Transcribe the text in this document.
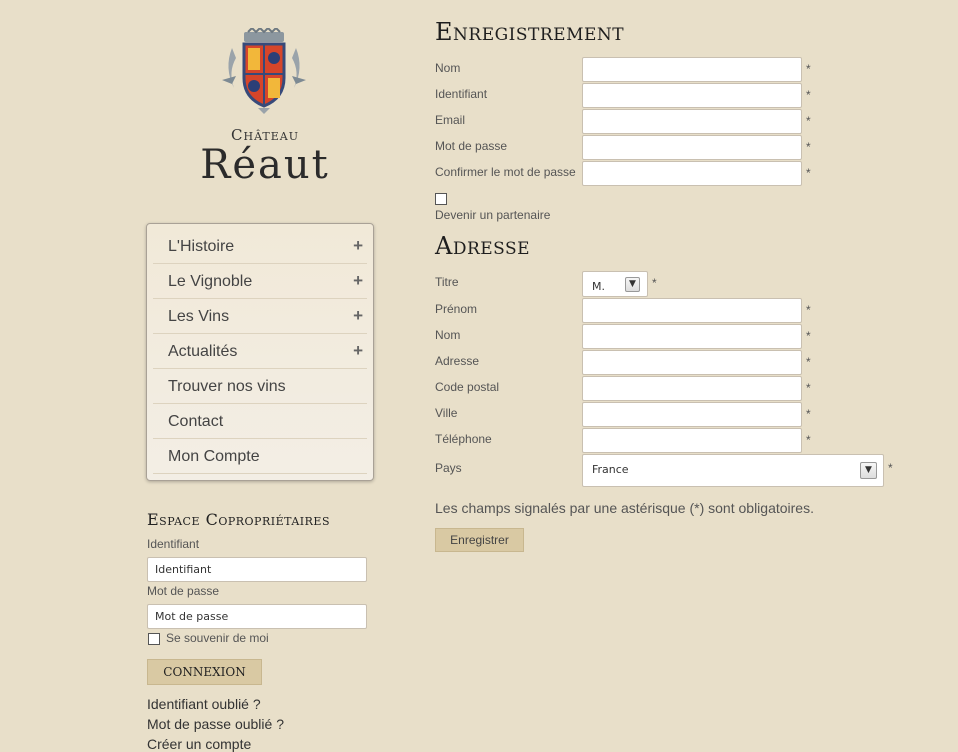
Château
Réaut
L'Histoire	+
Le Vignoble	+
Les Vins	+
Actualités	+
Trouver nos vins
Contact
Mon Compte
Espace Copropriétaires
Identifiant
Identifiant
Mot de passe
Mot de passe
Se souvenir de moi
CONNEXION
Identifiant oublié ?
Mot de passe oublié ?
Créer un compte
Enregistrement
Nom	*
Identifiant	*
Email	*
Mot de passe	*
Confirmer le mot de passe	*
Devenir un partenaire
Adresse
Titre	M.	▼	*
Prénom	*
Nom	*
Adresse	*
Code postal	*
Ville	*
Téléphone	*
Pays	France	▼	*
Les champs signalés par une astérisque (*) sont obligatoires.
Enregistrer
